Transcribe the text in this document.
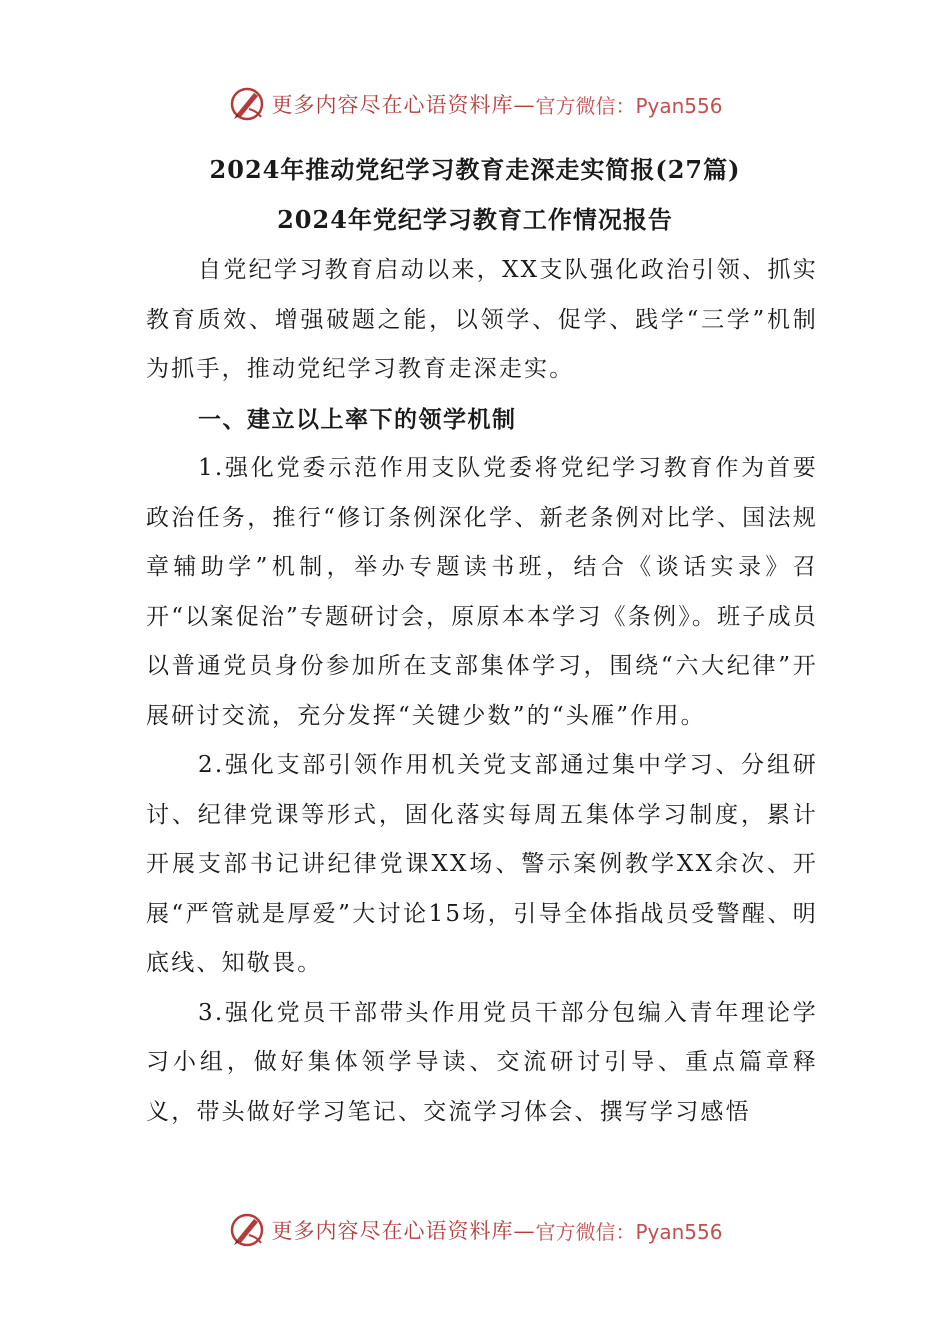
更多内容尽在心语资料库— 官方微信：Pyan556
2024年推动党纪学习教育走深走实简报(27篇)
2024年党纪学习教育工作情况报告

自党纪学习教育启动以来，XX支队强化政治引领、抓实教育质效、增强破题之能，以领学、促学、践学“三学”机制为抓手，推动党纪学习教育走深走实。

一、建立以上率下的领学机制

1.强化党委示范作用支队党委将党纪学习教育作为首要政治任务，推行“修订条例深化学、新老条例对比学、国法规章辅助学”机制，举办专题读书班，结合《谈话实录》召开“以案促治”专题研讨会，原原本本学习《条例》。班子成员以普通党员身份参加所在支部集体学习，围绕“六大纪律”开展研讨交流，充分发挥“关键少数”的“头雁”作用。

2.强化支部引领作用机关党支部通过集中学习、分组研讨、纪律党课等形式，固化落实每周五集体学习制度，累计开展支部书记讲纪律党课XX场、警示案例教学XX余次、开展“严管就是厚爱”大讨论15场，引导全体指战员受警醒、明底线、知敬畏。

3.强化党员干部带头作用党员干部分包编入青年理论学习小组，做好集体领学导读、交流研讨引导、重点篇章释义，带头做好学习笔记、交流学习体会、撰写学习感悟

更多内容尽在心语资料库— 官方微信：Pyan556
